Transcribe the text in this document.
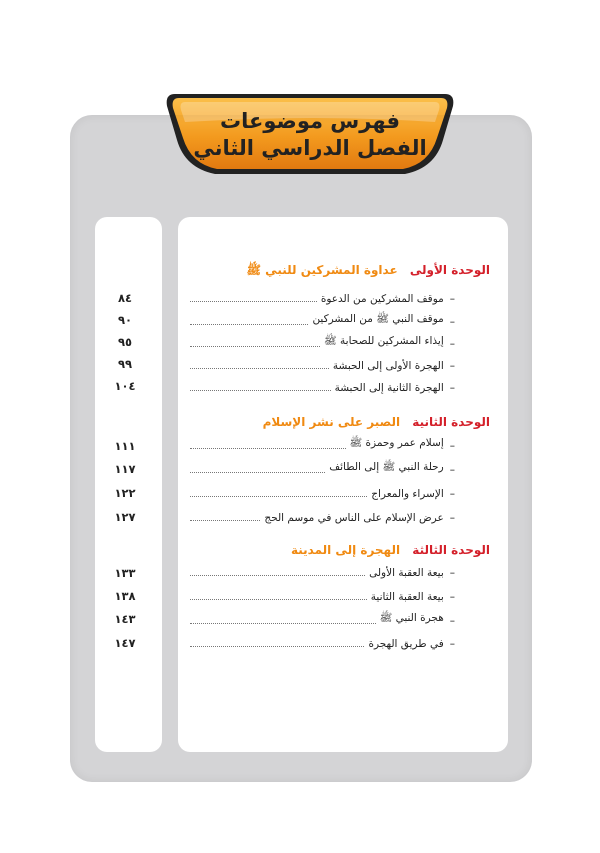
فهرس موضوعات
الفصل الدراسي الثاني
الوحدة الأولى عداوة المشركين للنبي ﷺ
–
موقف المشركين من الدعوة
٨٤
–
موقف النبي ﷺ من المشركين
٩٠
–
إيذاء المشركين للصحابة ﷺ
٩٥
–
الهجرة الأولى إلى الحبشة
٩٩
–
الهجرة الثانية إلى الحبشة
١٠٤
الوحدة الثانية الصبر على نشر الإسلام
–
إسلام عمر وحمزة ﷺ
١١١
–
رحلة النبي ﷺ إلى الطائف
١١٧
–
الإسراء والمعراج
١٢٢
–
عرض الإسلام على الناس في موسم الحج
١٢٧
الوحدة الثالثة الهجرة إلى المدينة
–
بيعة العقبة الأولى
١٣٣
–
بيعة العقبة الثانية
١٣٨
–
هجرة النبي ﷺ
١٤٣
–
في طريق الهجرة
١٤٧
